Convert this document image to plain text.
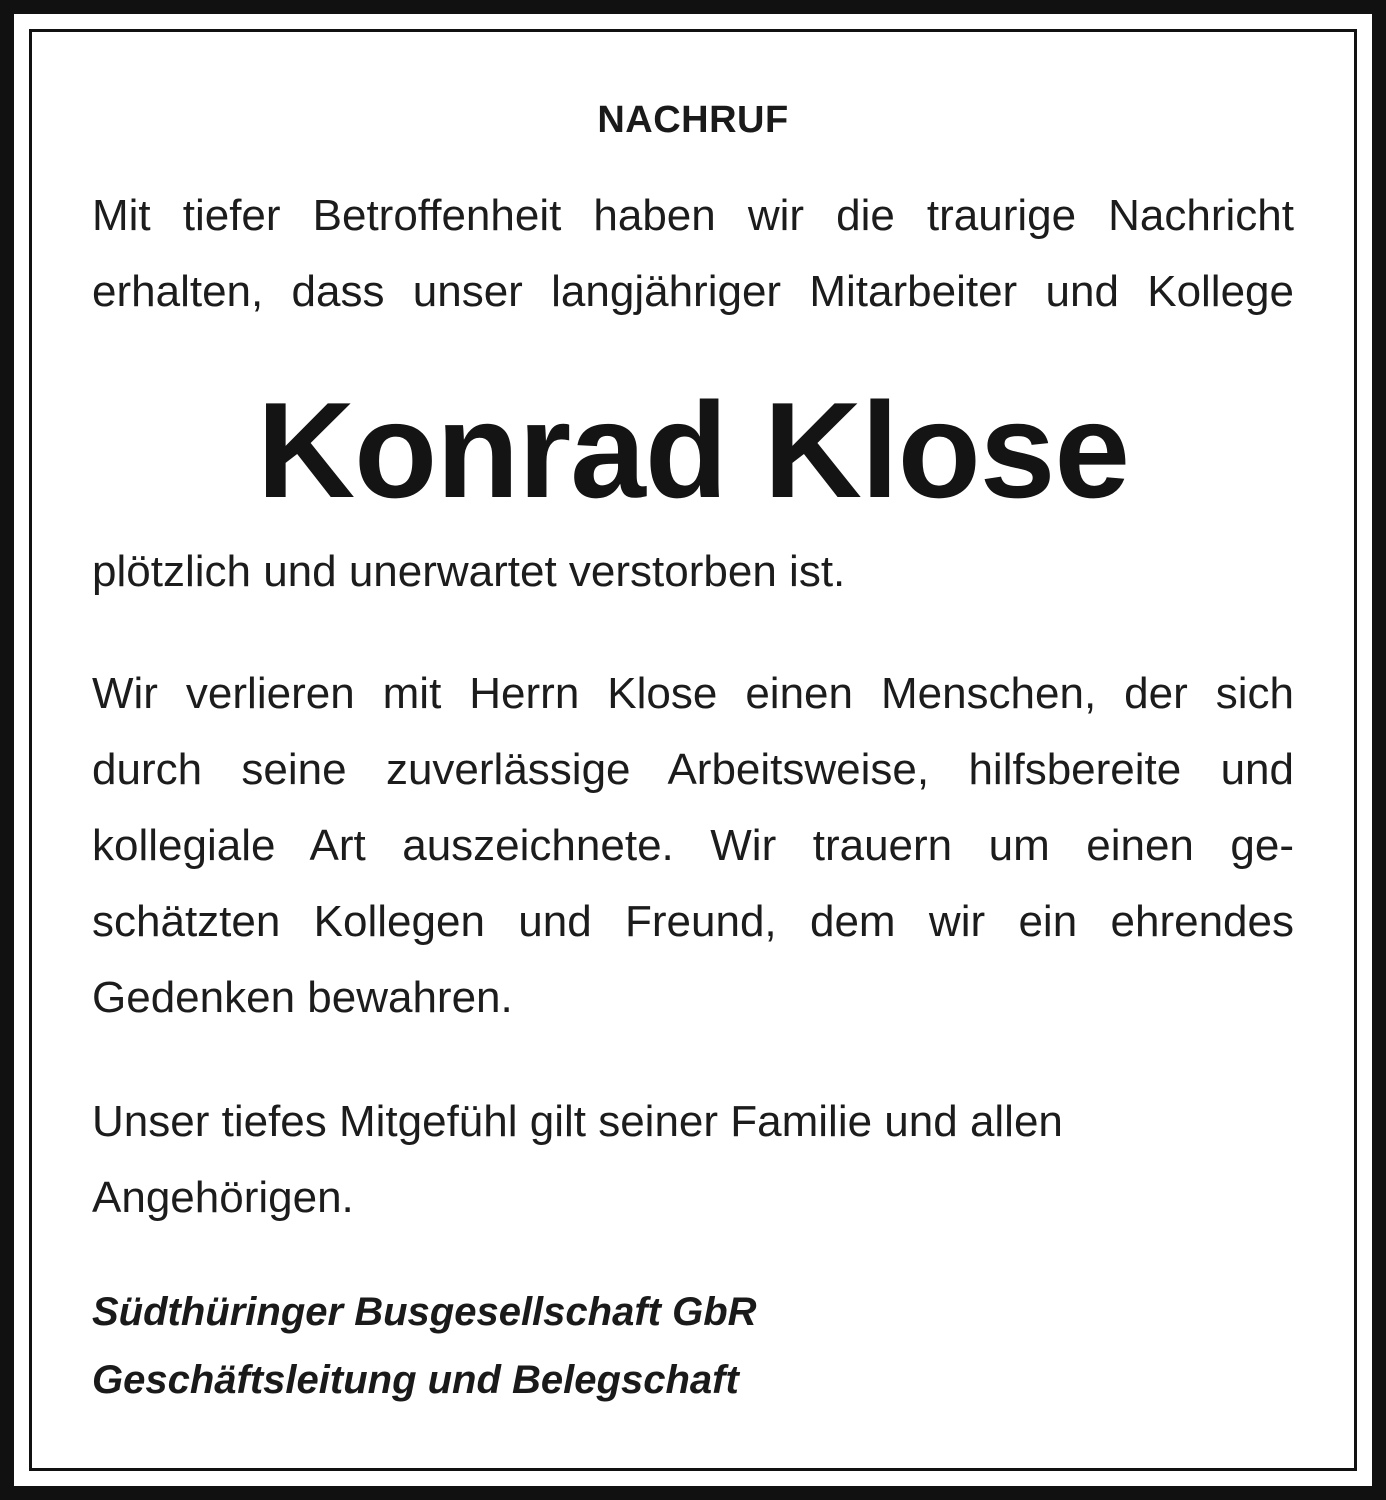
NACHRUF
Mit tiefer Betroffenheit haben wir die traurige Nachricht
erhalten, dass unser langjähriger Mitarbeiter und Kollege
Konrad Klose
plötzlich und unerwartet verstorben ist.
Wir verlieren mit Herrn Klose einen Menschen, der sich
durch seine zuverlässige Arbeitsweise, hilfsbereite und
kollegiale Art auszeichnete. Wir trauern um einen ge-
schätzten Kollegen und Freund, dem wir ein ehrendes
Gedenken bewahren.
Unser tiefes Mitgefühl gilt seiner Familie und allen
Angehörigen.
Südthüringer Busgesellschaft GbR
Geschäftsleitung und Belegschaft
